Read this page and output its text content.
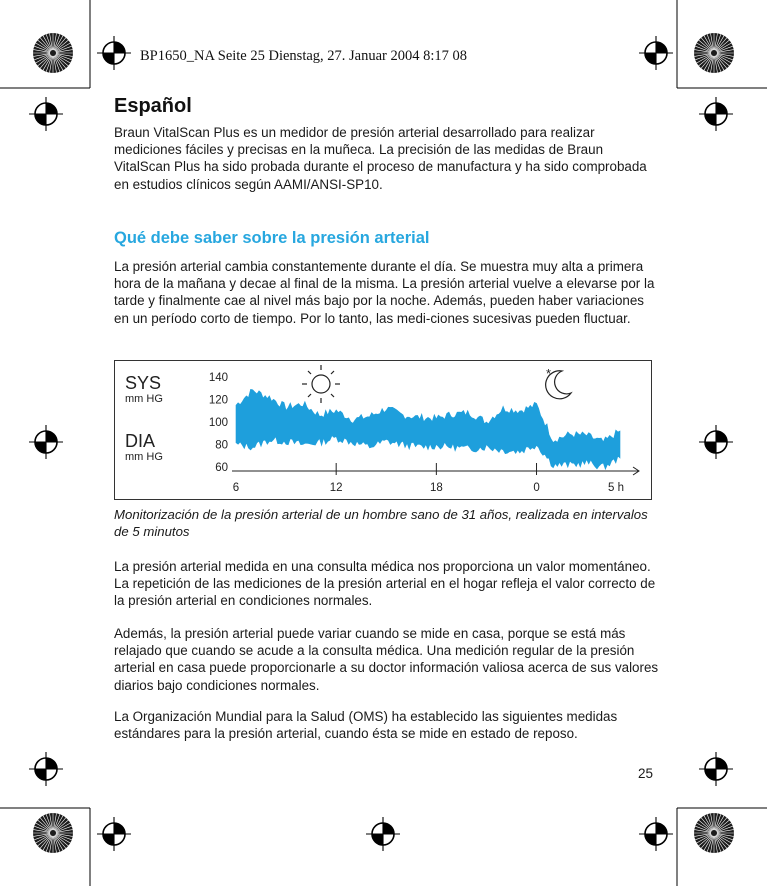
BP1650_NA Seite 25 Dienstag, 27. Januar 2004 8:17 08
Español

Braun VitalScan Plus es un medidor de presión arterial desarrollado para realizar mediciones fáciles y precisas en la muñeca. La precisión de las medidas de Braun VitalScan Plus ha sido probada durante el proceso de manufactura y ha sido comprobada en estudios clínicos según AAMI/ANSI-SP10.

Qué debe saber sobre la presión arterial

La presión arterial cambia constantemente durante el día. Se muestra muy alta a primera hora de la mañana y decae al final de la misma. La presión arterial vuelve a elevarse por la tarde y finalmente cae al nivel más bajo por la noche. Además, pueden haber variaciones en un período corto de tiempo. Por lo tanto, las medi-ciones sucesivas pueden fluctuar.

SYS
mm HG
DIA
mm HG
140
120
100
80
60
6	12	18	0	5 h
*
Monitorización de la presión arterial de un hombre sano de 31 años, realizada en intervalos de 5 minutos

La presión arterial medida en una consulta médica nos proporciona un valor momentáneo. La repetición de las mediciones de la presión arterial en el hogar refleja el valor correcto de la presión arterial en condiciones normales.

Además, la presión arterial puede variar cuando se mide en casa, porque se está más relajado que cuando se acude a la consulta médica. Una medición regular de la presión arterial en casa puede proporcionarle a su doctor información valiosa acerca de sus valores diarios bajo condiciones normales.

La Organización Mundial para la Salud (OMS) ha establecido las siguientes medidas estándares para la presión arterial, cuando ésta se mide en estado de reposo.

25
